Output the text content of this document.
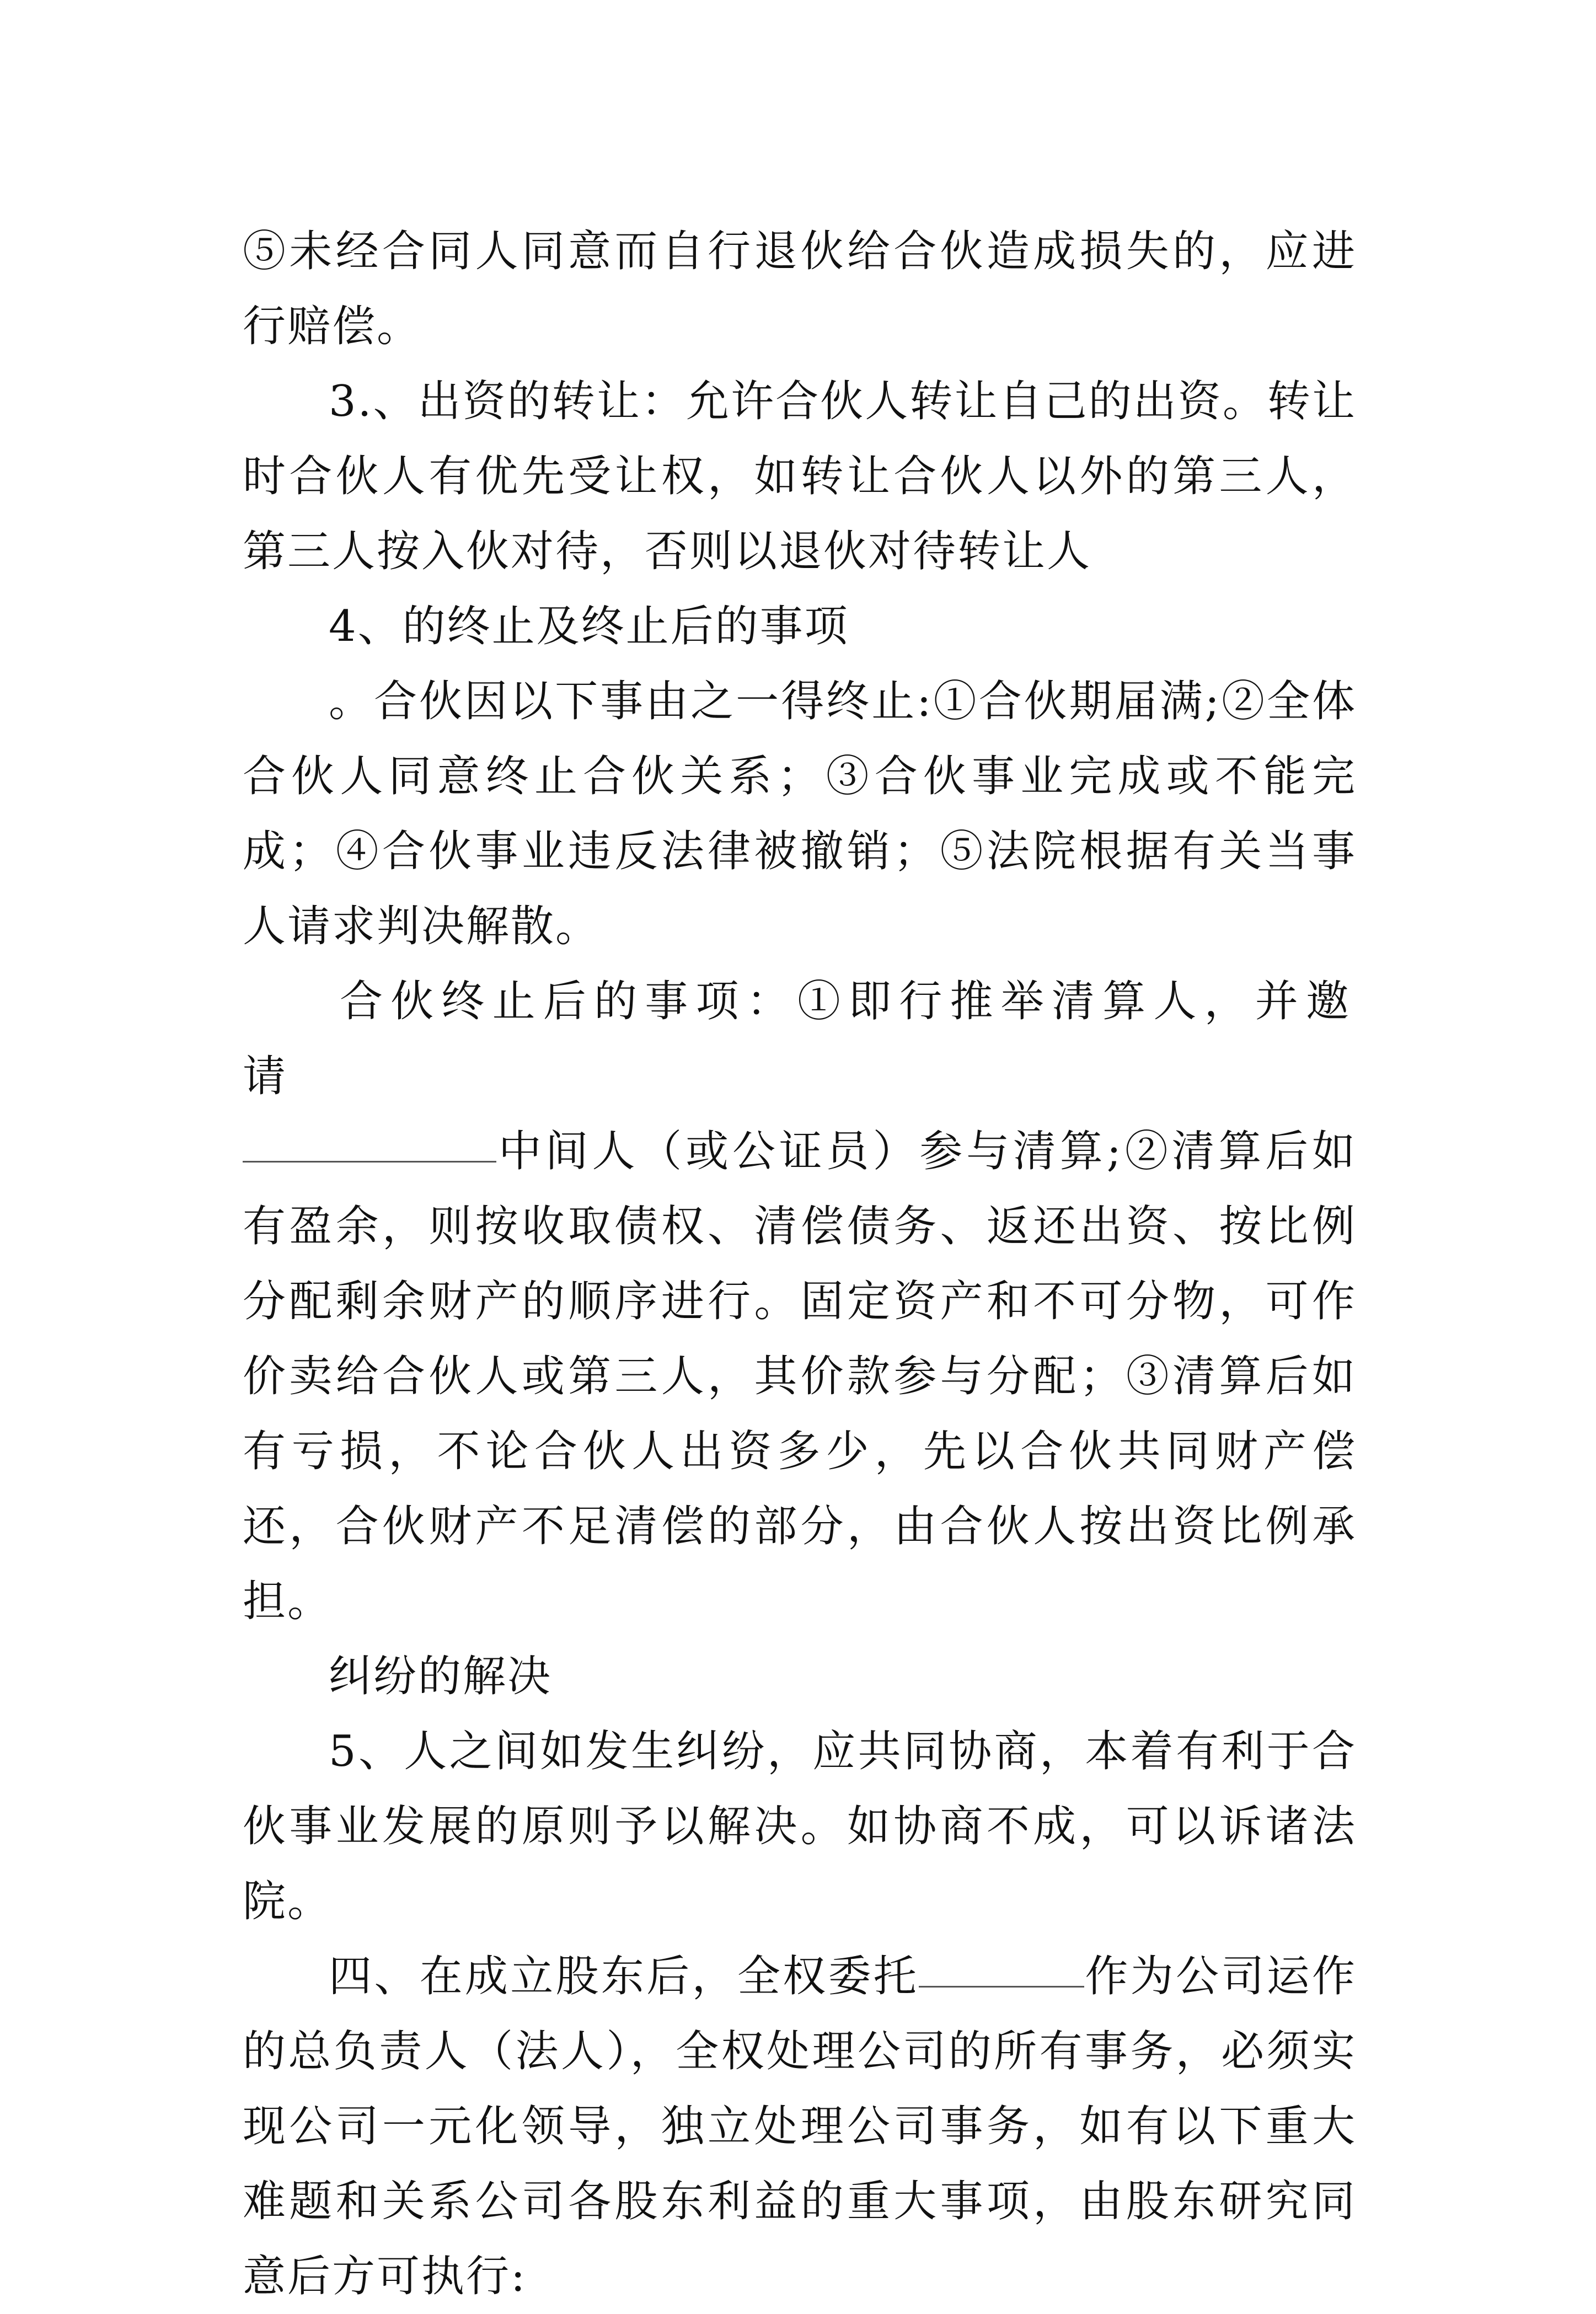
⑤未经合同人同意而自行退伙给合伙造成损失的，应进行赔偿。

3.、出资的转让：允许合伙人转让自己的出资。转让时合伙人有优先受让权，如转让合伙人以外的第三人，第三人按入伙对待，否则以退伙对待转让人

4、的终止及终止后的事项

。合伙因以下事由之一得终止:①合伙期届满;②全体合伙人同意终止合伙关系；③合伙事业完成或不能完成；④合伙事业违反法律被撤销；⑤法院根据有关当事人请求判决解散。

合伙终止后的事项：①即行推举清算人，并邀请
中间人（或公证员）参与清算;②清算后如有盈余，则按收取债权、清偿债务、返还出资、按比例分配剩余财产的顺序进行。固定资产和不可分物，可作价卖给合伙人或第三人，其价款参与分配；③清算后如有亏损，不论合伙人出资多少，先以合伙共同财产偿还，合伙财产不足清偿的部分，由合伙人按出资比例承担。

纠纷的解决

5、人之间如发生纠纷，应共同协商，本着有利于合伙事业发展的原则予以解决。如协商不成，可以诉诸法院。

四、在成立股东后，全权委托	作为公司运作的总负责人（法人），全权处理公司的所有事务，必须实现公司一元化领导，独立处理公司事务，如有以下重大难题和关系公司各股东利益的重大事项，由股东研究同意后方可执行:
